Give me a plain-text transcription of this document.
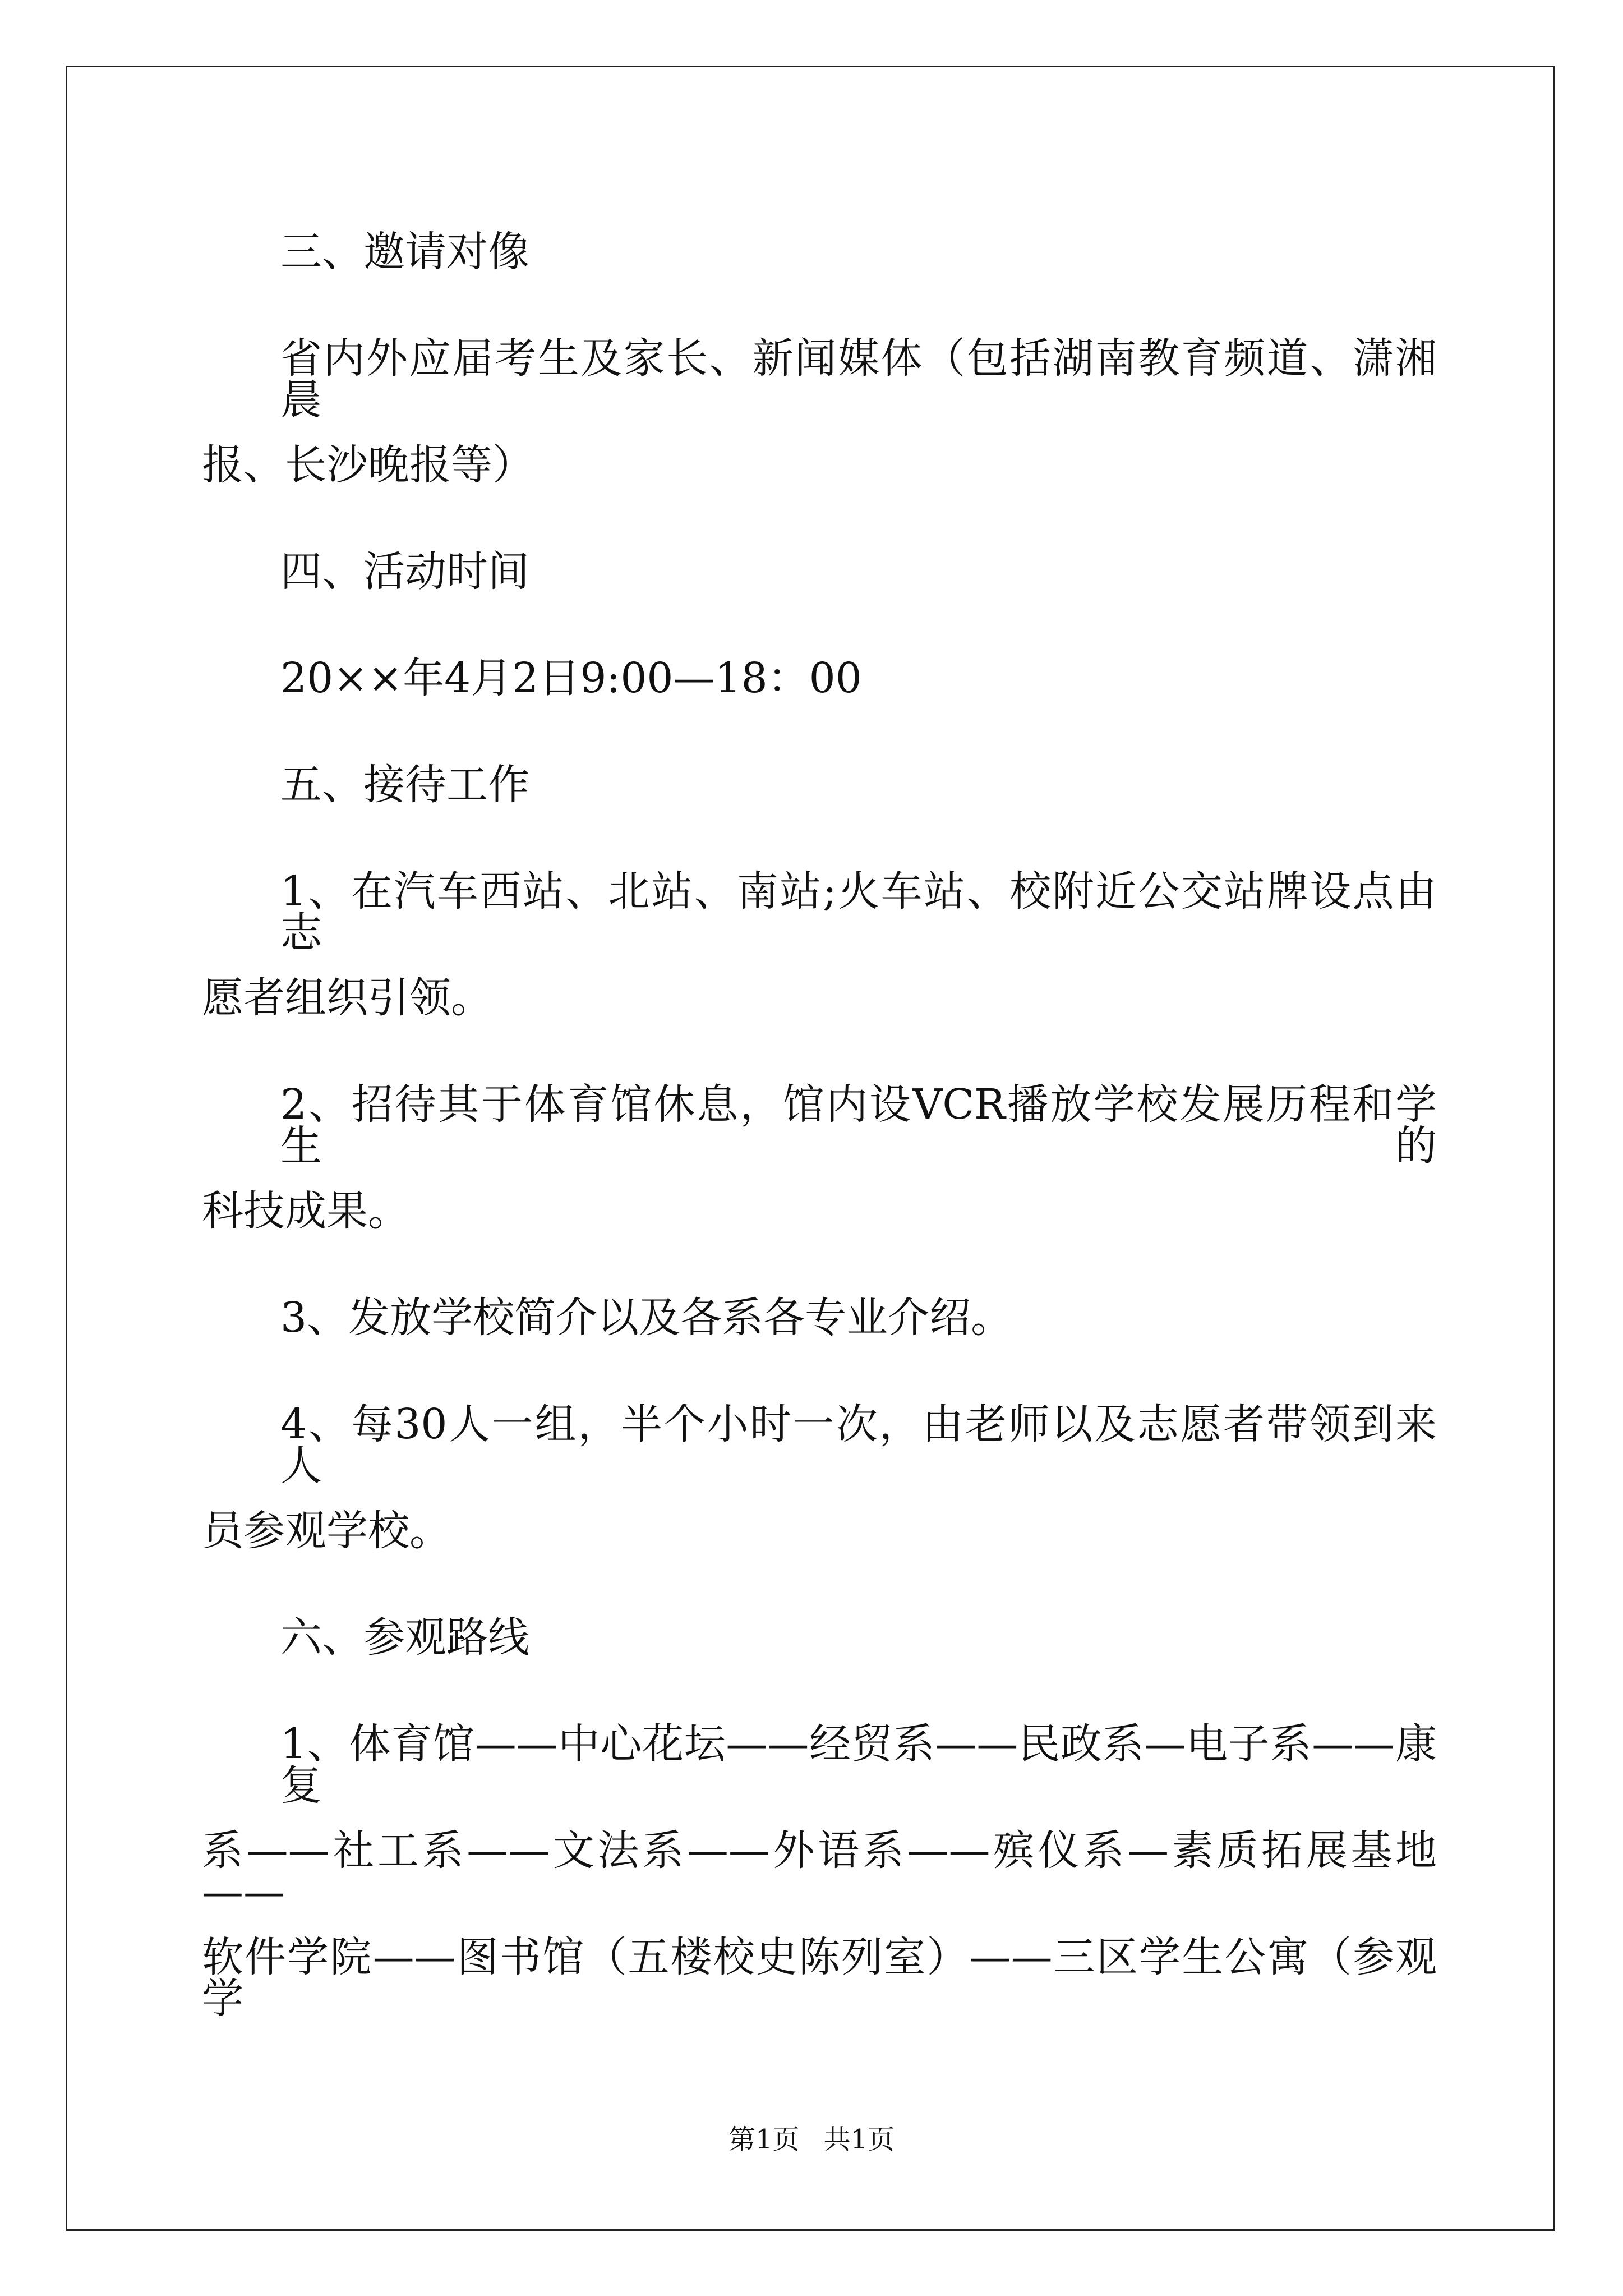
三、邀请对像
省内外应届考生及家长、新闻媒体（包括湖南教育频道、潇湘晨
报、长沙晚报等）
四、活动时间
20××年4月2日9:00—18：00
五、接待工作
1、在汽车西站、北站、南站;火车站、校附近公交站牌设点由志
愿者组织引领。
2、招待其于体育馆休息，馆内设VCR播放学校发展历程和学生的
科技成果。
3、发放学校简介以及各系各专业介绍。
4、每30人一组，半个小时一次，由老师以及志愿者带领到来人
员参观学校。
六、参观路线
1、体育馆——中心花坛——经贸系——民政系—电子系——康复
系——社工系——文法系——外语系——殡仪系—素质拓展基地——
软件学院——图书馆（五楼校史陈列室）——三区学生公寓（参观学
第1页 共1页
